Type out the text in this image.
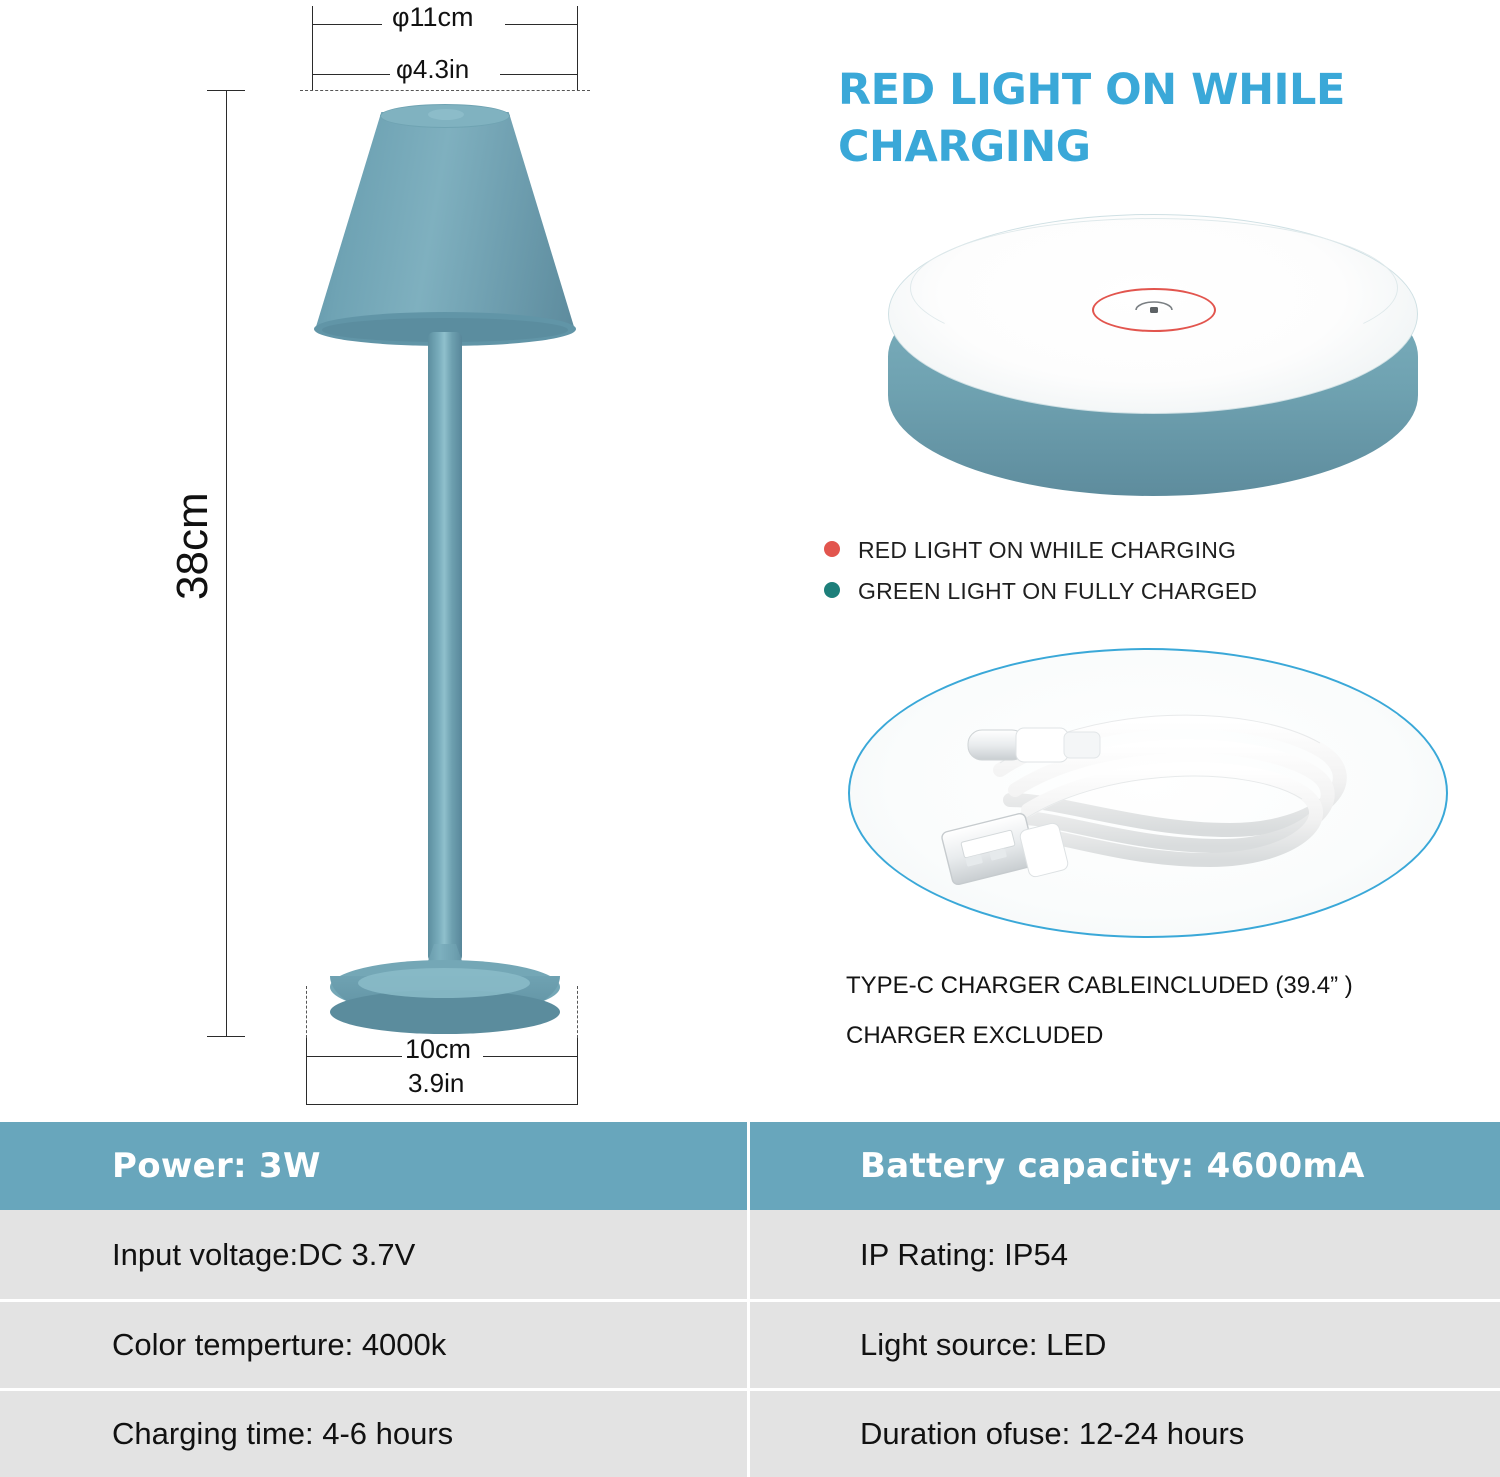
φ11cm
φ4.3in
38cm
10cm
3.9in
RED LIGHT ON WHILE CHARGING
RED LIGHT ON WHILE CHARGING
GREEN LIGHT ON FULLY CHARGED
TYPE-C CHARGER CABLEINCLUDED (39.4” )
CHARGER EXCLUDED
Power: 3W	Battery capacity: 4600mA
Input voltage:DC 3.7V	IP Rating: IP54
Color temperture: 4000k	Light source: LED
Charging time: 4-6 hours	Duration ofuse: 12-24 hours
